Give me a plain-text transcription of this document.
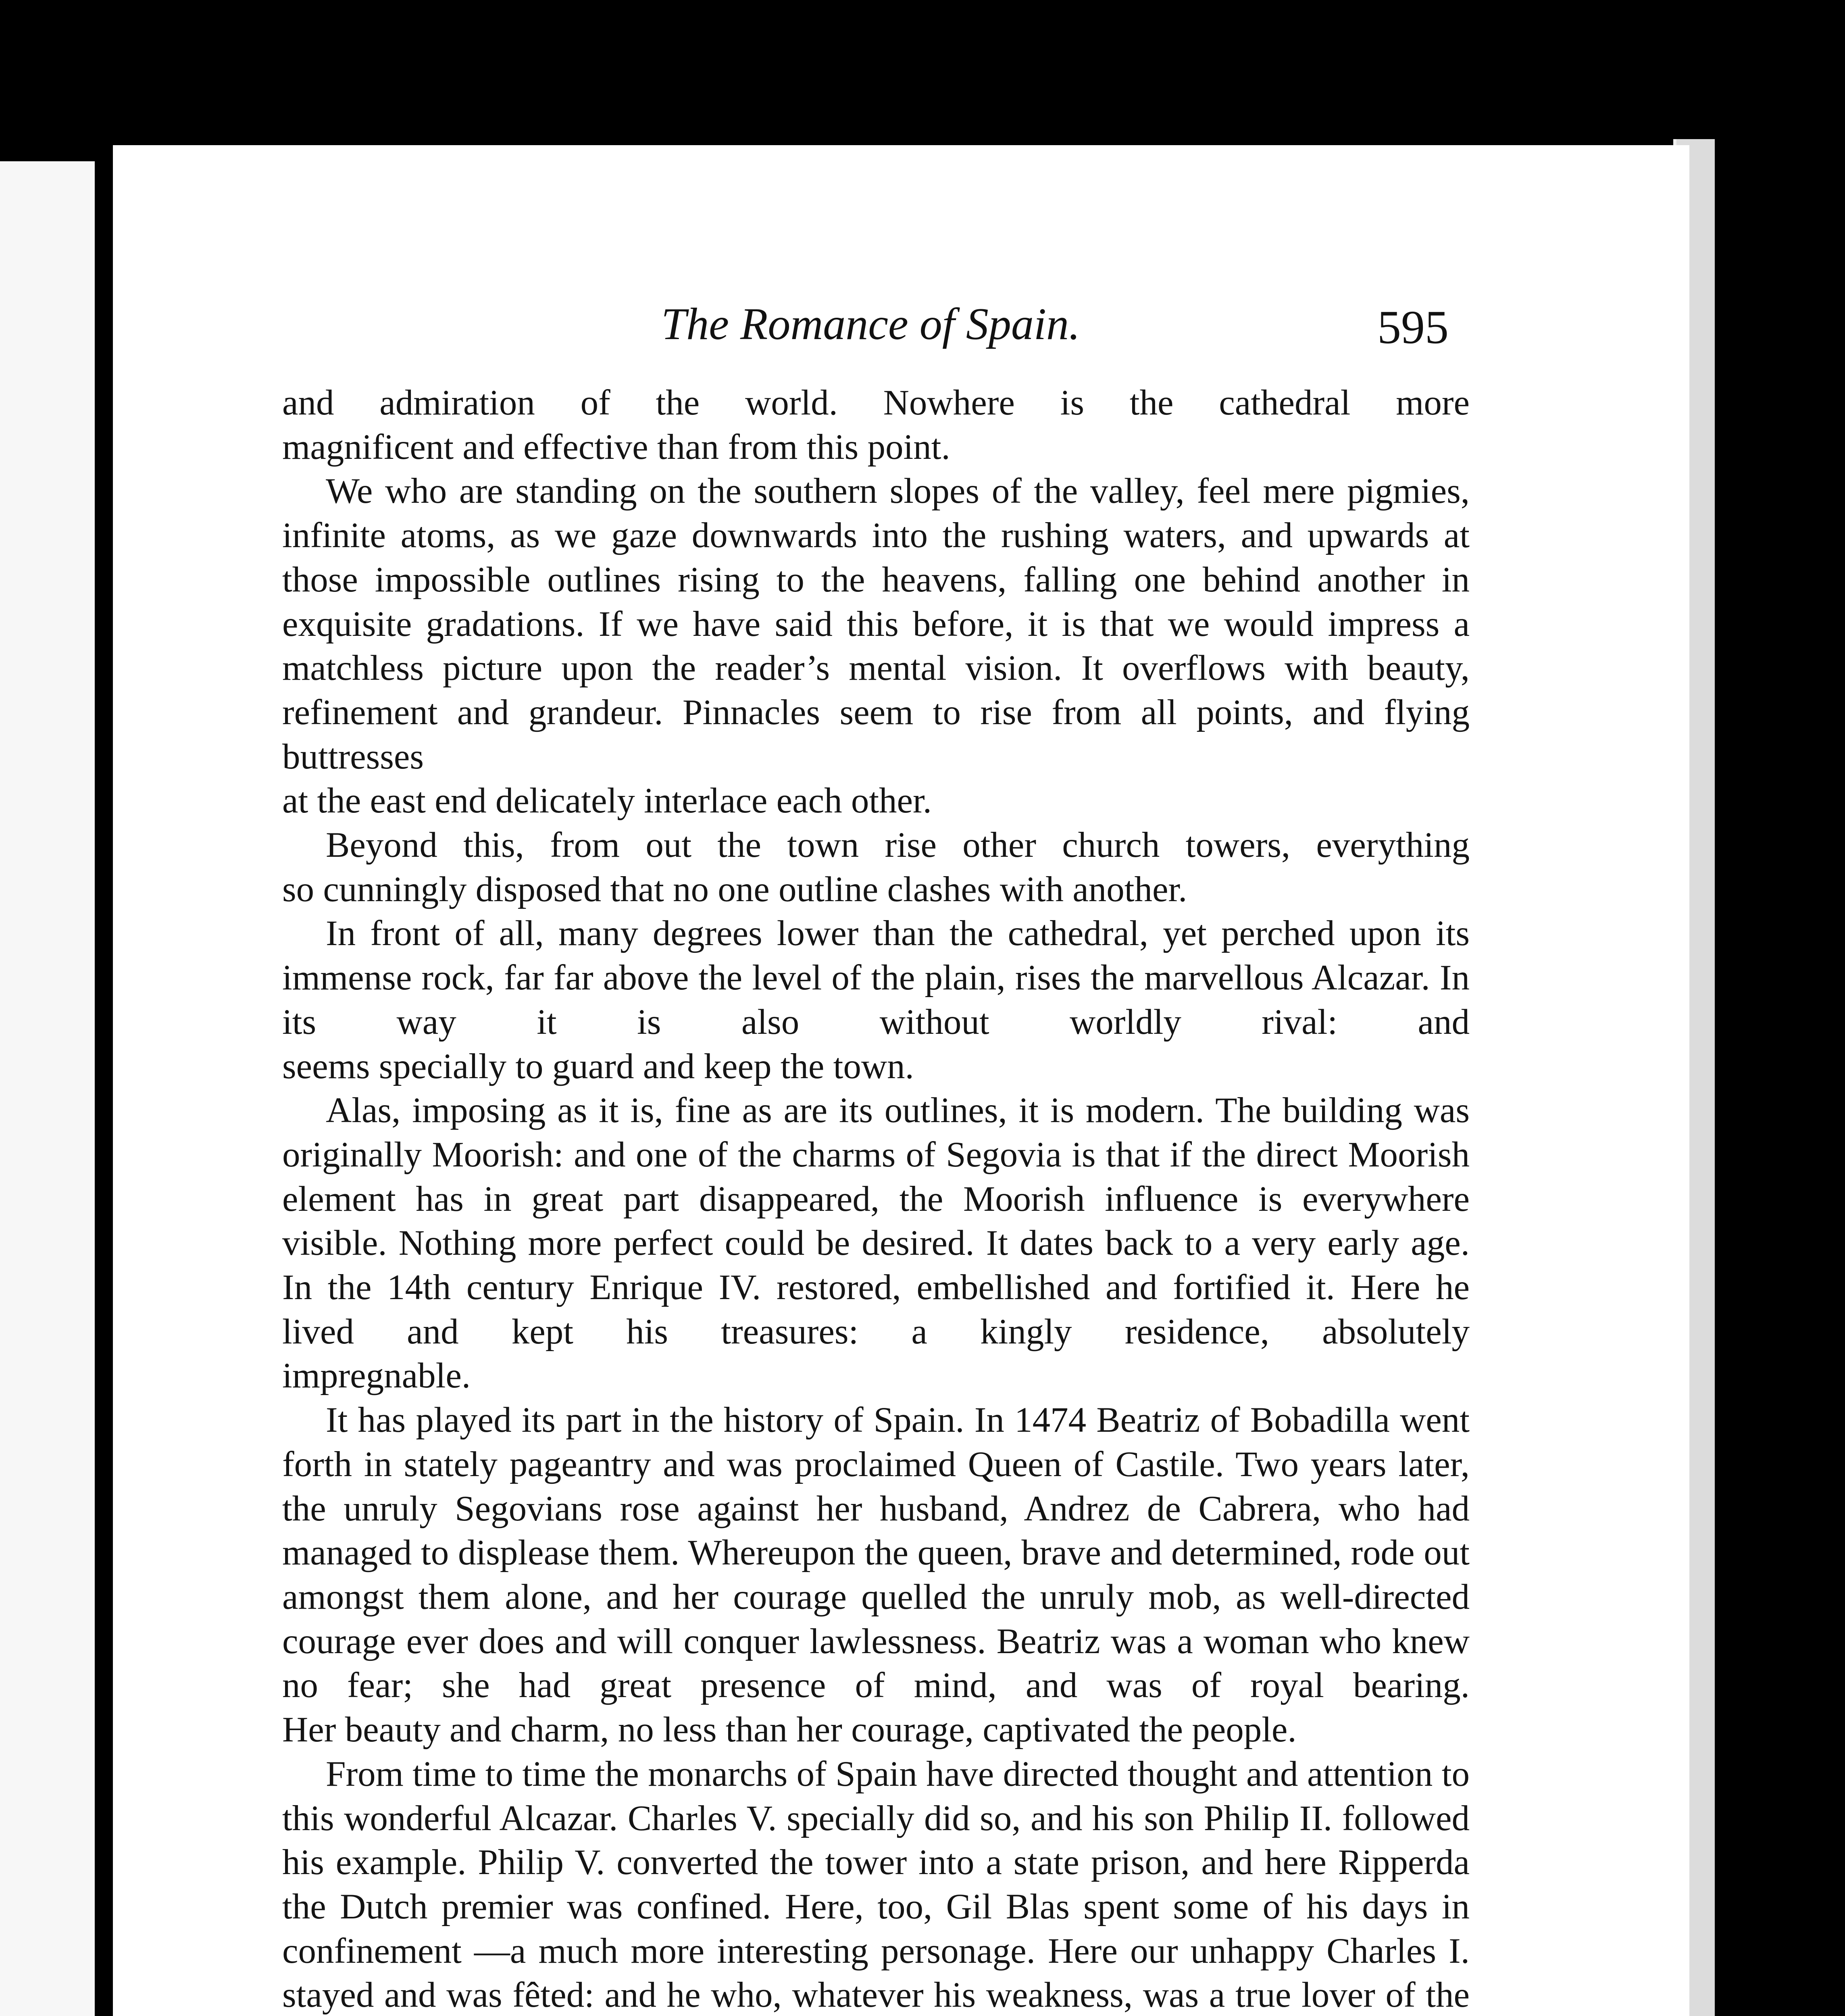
The Romance of Spain.	595

and admiration of the world. Nowhere is the cathedral more
magnificent and effective than from this point.

We who are standing on the southern slopes of the valley, feel mere pigmies, infinite atoms, as we gaze downwards into the rushing waters, and upwards at those impossible outlines rising to the heavens, falling one behind another in exquisite gradations. If we have said this before, it is that we would impress a matchless picture upon the reader’s mental vision. It overflows with beauty, refinement and grandeur. Pinnacles seem to rise from all points, and flying buttresses
at the east end delicately interlace each other.

Beyond this, from out the town rise other church towers, everything
so cunningly disposed that no one outline clashes with another.

In front of all, many degrees lower than the cathedral, yet perched upon its immense rock, far far above the level of the plain, rises the marvellous Alcazar. In its way it is also without worldly rival: and
seems specially to guard and keep the town.

Alas, imposing as it is, fine as are its outlines, it is modern. The building was originally Moorish: and one of the charms of Segovia is that if the direct Moorish element has in great part disappeared, the Moorish influence is everywhere visible. Nothing more perfect could be desired. It dates back to a very early age. In the 14th century Enrique IV. restored, embellished and fortified it. Here he lived and kept his treasures: a kingly residence, absolutely
impregnable.

It has played its part in the history of Spain. In 1474 Beatriz of Bobadilla went forth in stately pageantry and was proclaimed Queen of Castile. Two years later, the unruly Segovians rose against her husband, Andrez de Cabrera, who had managed to displease them. Whereupon the queen, brave and determined, rode out amongst them alone, and her courage quelled the unruly mob, as well-directed courage ever does and will conquer lawlessness. Beatriz was a woman who knew no fear; she had great presence of mind, and was of royal bearing.
Her beauty and charm, no less than her courage, captivated the people.

From time to time the monarchs of Spain have directed thought and attention to this wonderful Alcazar. Charles V. specially did so, and his son Philip II. followed his example. Philip V. converted the tower into a state prison, and here Ripperda the Dutch premier was confined. Here, too, Gil Blas spent some of his days in confinement —a much more interesting personage. Here our unhappy Charles I. stayed and was fêted: and he who, whatever his weakness, was a true lover of the
